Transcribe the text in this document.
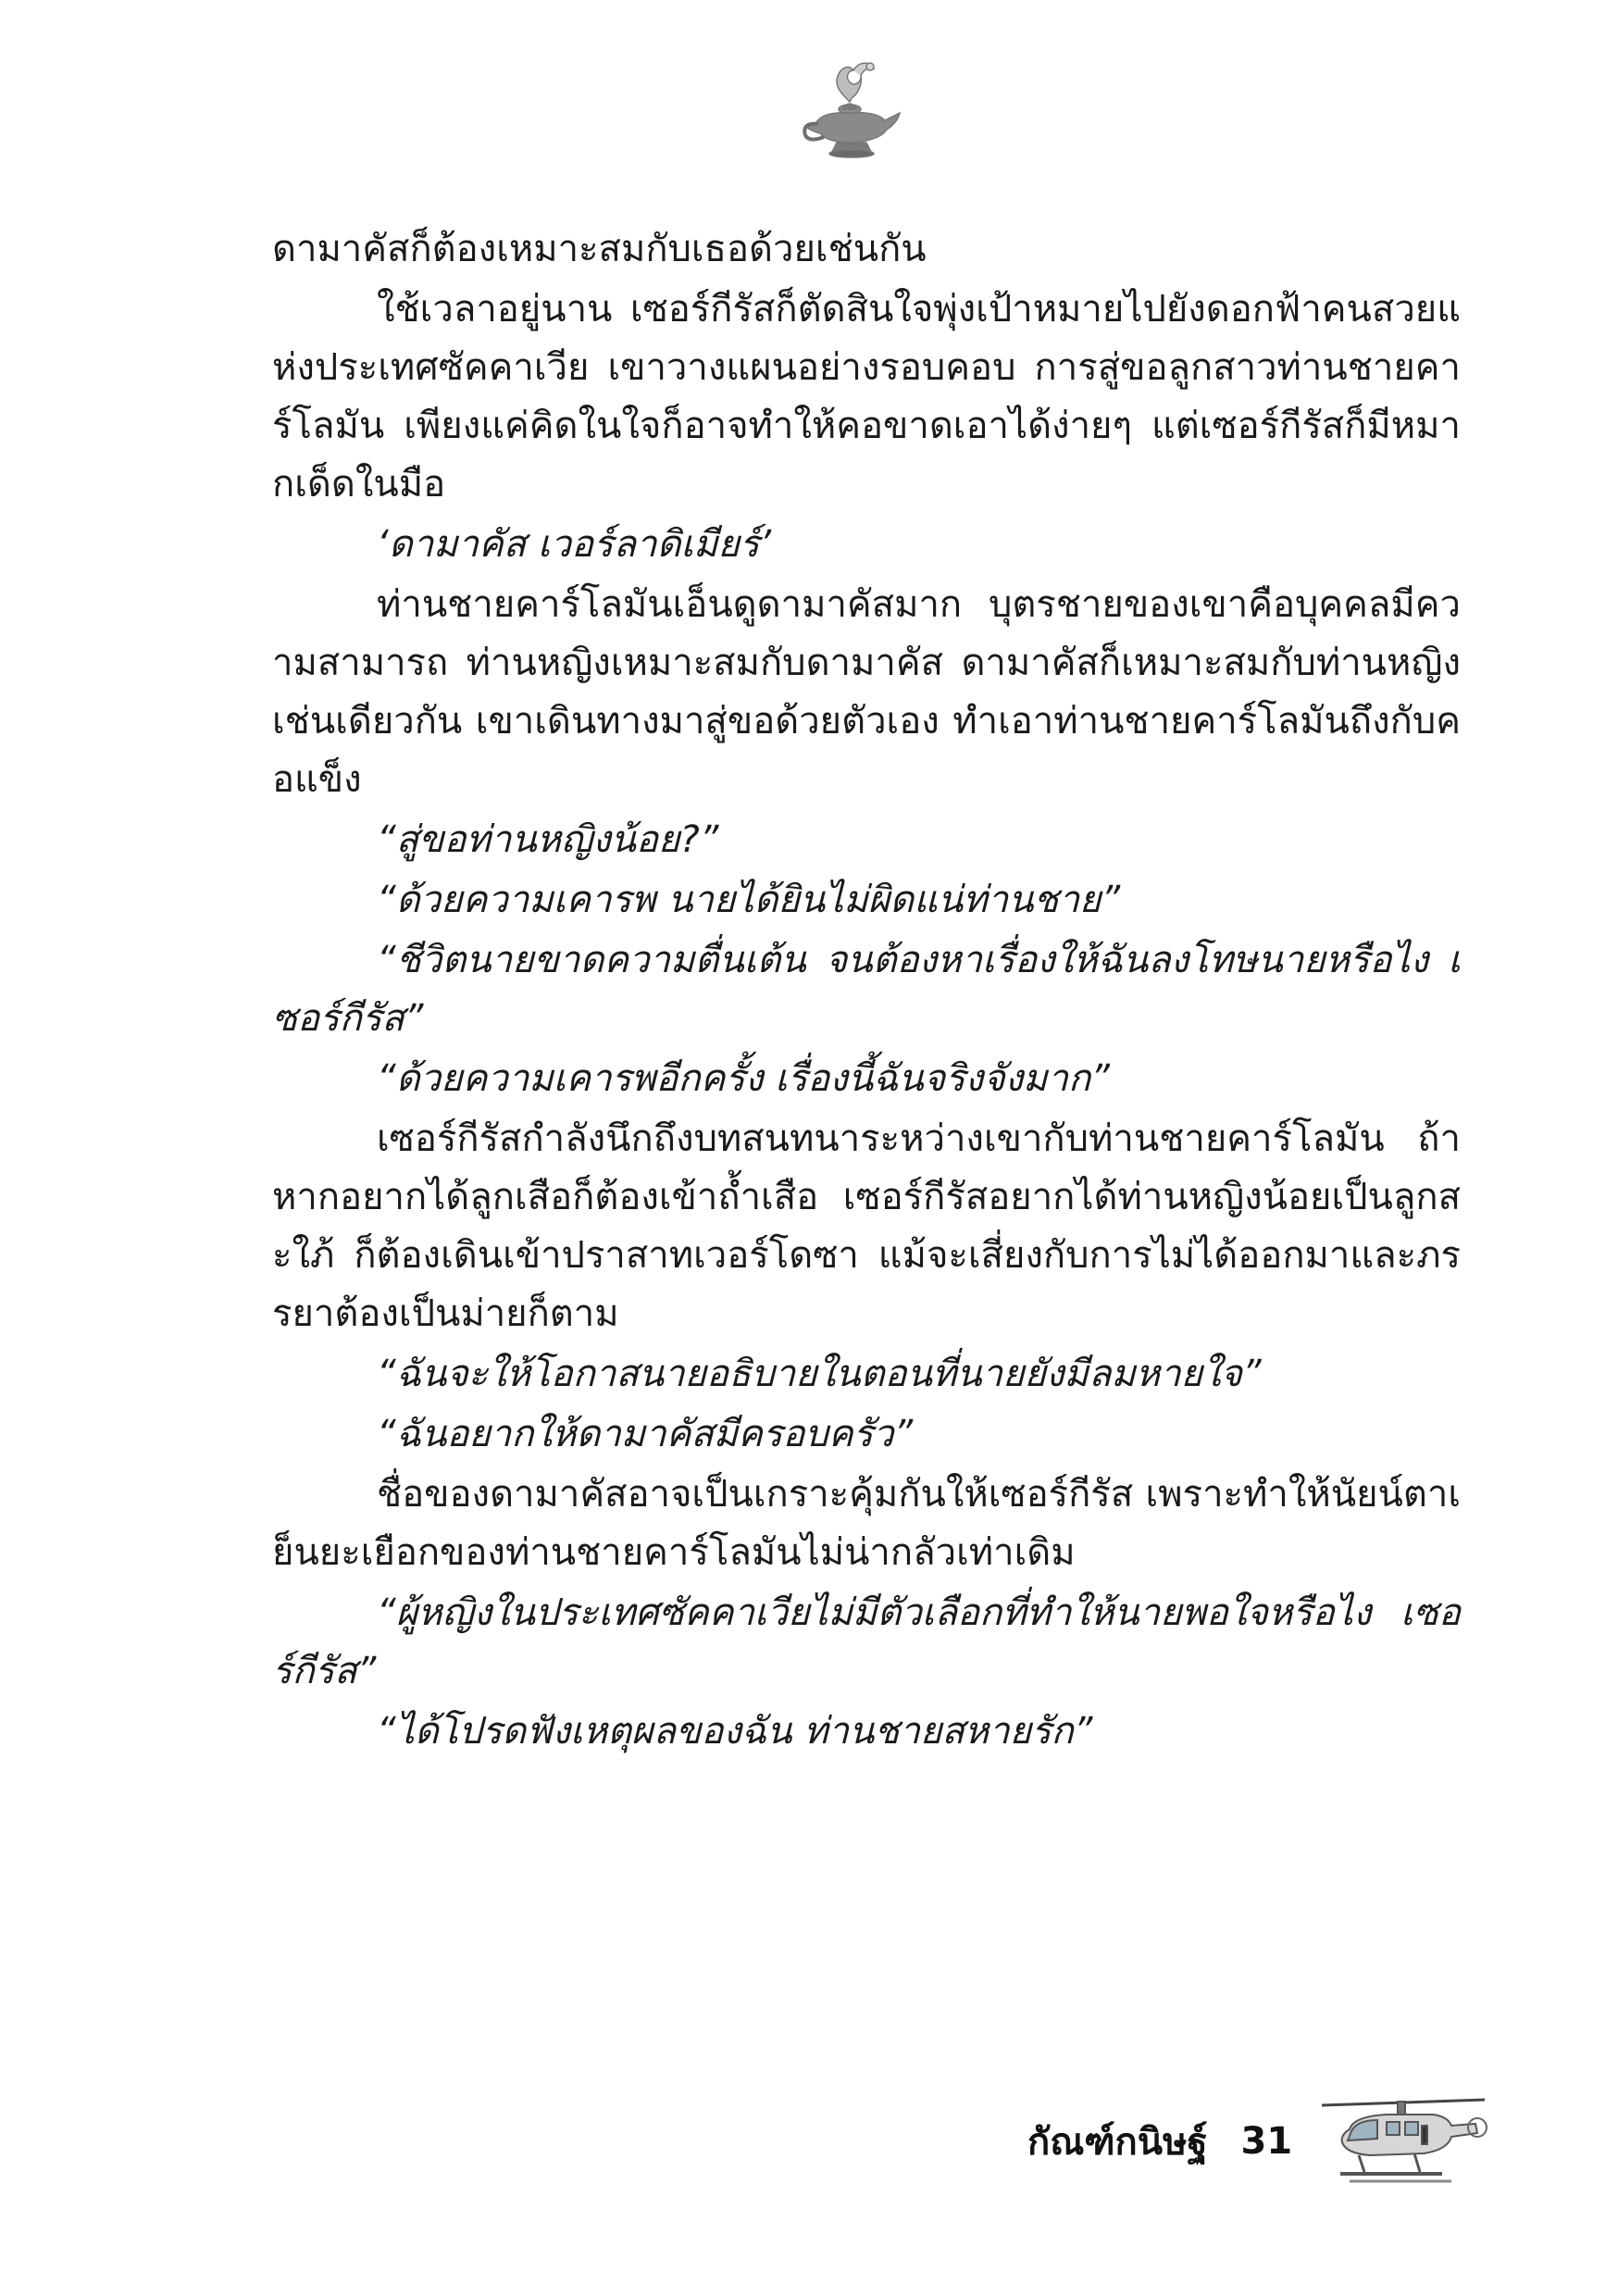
ดามาคัสก็ต้องเหมาะสมกับเธอด้วยเช่นกัน

ใช้เวลาอยู่นาน เซอร์กีรัสก็ตัดสินใจพุ่งเป้าหมายไปยังดอกฟ้าคนสวยแห่งประเทศซัคคาเวีย เขาวางแผนอย่างรอบคอบ การสู่ขอลูกสาวท่านชายคาร์โลมัน เพียงแค่คิดในใจก็อาจทำให้คอขาดเอาได้ง่ายๆ แต่เซอร์กีรัสก็มีหมากเด็ดในมือ

‘ดามาคัส เวอร์ลาดิเมียร์’

ท่านชายคาร์โลมันเอ็นดูดามาคัสมาก บุตรชายของเขาคือบุคคลมีความสามารถ ท่านหญิงเหมาะสมกับดามาคัส ดามาคัสก็เหมาะสมกับท่านหญิงเช่นเดียวกัน เขาเดินทางมาสู่ขอด้วยตัวเอง ทำเอาท่านชายคาร์โลมันถึงกับคอแข็ง

“สู่ขอท่านหญิงน้อย?”

“ด้วยความเคารพ นายได้ยินไม่ผิดแน่ท่านชาย”

“ชีวิตนายขาดความตื่นเต้น จนต้องหาเรื่องให้ฉันลงโทษนายหรือไง เซอร์กีรัส”

“ด้วยความเคารพอีกครั้ง เรื่องนี้ฉันจริงจังมาก”

เซอร์กีรัสกำลังนึกถึงบทสนทนาระหว่างเขากับท่านชายคาร์โลมัน ถ้าหากอยากได้ลูกเสือก็ต้องเข้าถ้ำเสือ เซอร์กีรัสอยากได้ท่านหญิงน้อยเป็นลูกสะใภ้ ก็ต้องเดินเข้าปราสาทเวอร์โดซา แม้จะเสี่ยงกับการไม่ได้ออกมาและภรรยาต้องเป็นม่ายก็ตาม

“ฉันจะให้โอกาสนายอธิบายในตอนที่นายยังมีลมหายใจ”

“ฉันอยากให้ดามาคัสมีครอบครัว”

ชื่อของดามาคัสอาจเป็นเกราะคุ้มกันให้เซอร์กีรัส เพราะทำให้นัยน์ตาเย็นยะเยือกของท่านชายคาร์โลมันไม่น่ากลัวเท่าเดิม

“ผู้หญิงในประเทศซัคคาเวียไม่มีตัวเลือกที่ทำให้นายพอใจหรือไง เซอร์กีรัส”

“ได้โปรดฟังเหตุผลของฉัน ท่านชายสหายรัก”

กัณฑ์กนิษฐ์ 31
